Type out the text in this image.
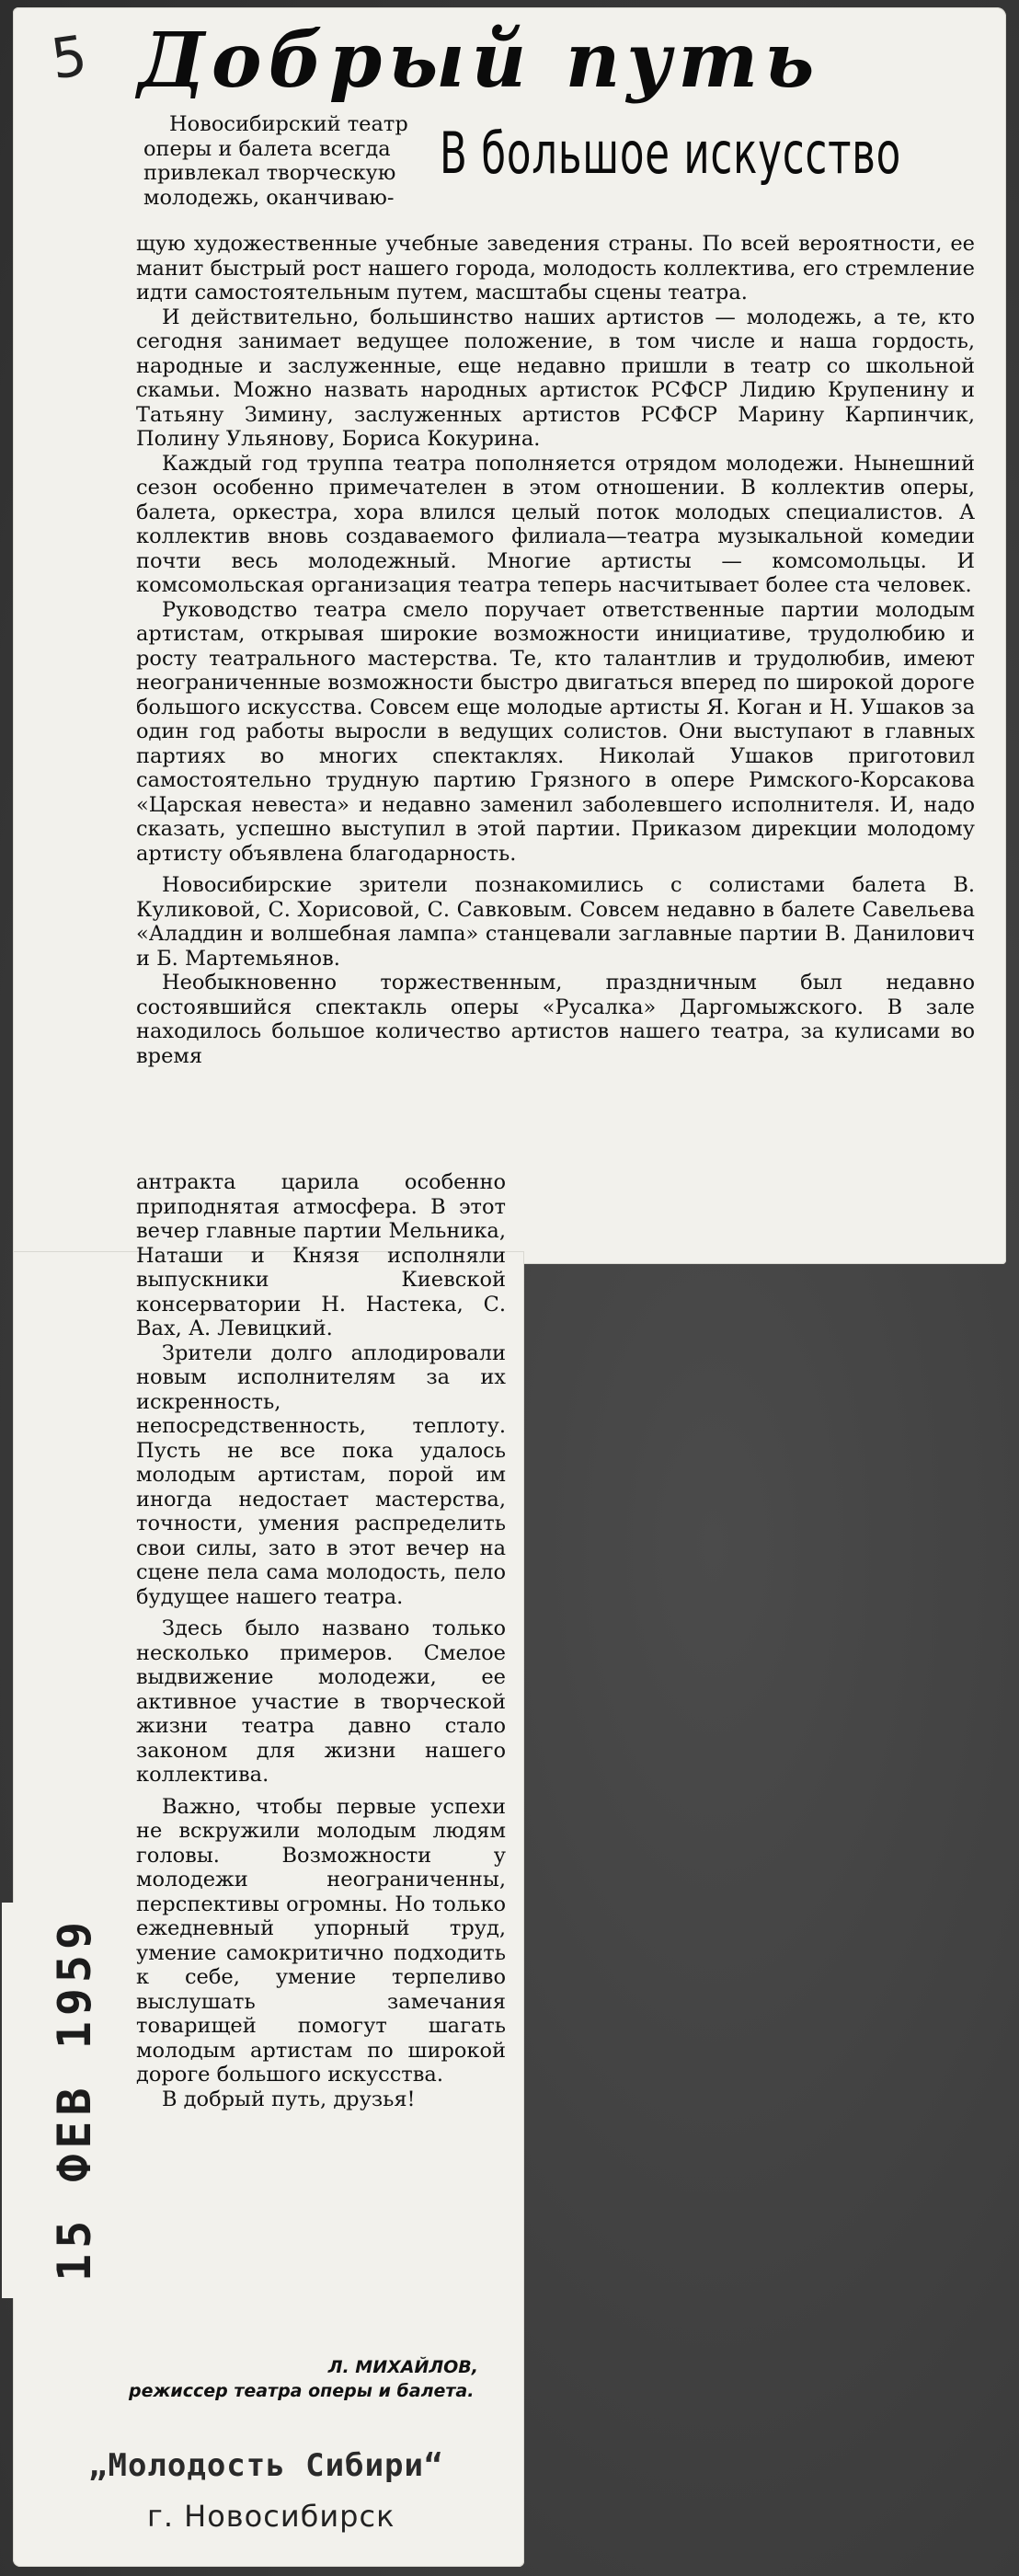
5 Добрый путь
В большое искусство

Новосибирский театр
оперы и балета всегда
привлекал творческую
молодежь, оканчиваю-

щую художественные учебные заведения страны. По всей вероятности, ее манит быстрый рост нашего города, молодость коллектива, его стремление идти самостоятельным путем, масштабы сцены театра.

И действительно, большинство наших артистов — молодежь, а те, кто сегодня занимает ведущее положение, в том числе и наша гордость, народные и заслуженные, еще недавно пришли в театр со школьной скамьи. Можно назвать народных артисток РСФСР Лидию Крупенину и Татьяну Зимину, заслуженных артистов РСФСР Марину Карпинчик, Полину Ульянову, Бориса Кокурина.

Каждый год труппа театра пополняется отрядом молодежи. Нынешний сезон особенно примечателен в этом отношении. В коллектив оперы, балета, оркестра, хора влился целый поток молодых специалистов. А коллектив вновь создаваемого филиала—театра музыкальной комедии почти весь молодежный. Многие артисты — комсомольцы. И комсомольская организация театра теперь насчитывает более ста человек.

Руководство театра смело поручает ответственные партии молодым артистам, открывая широкие возможности инициативе, трудолюбию и росту театрального мастерства. Те, кто талантлив и трудолюбив, имеют неограниченные возможности быстро двигаться вперед по широкой дороге большого искусства. Совсем еще молодые артисты Я. Коган и Н. Ушаков за один год работы выросли в ведущих солистов. Они выступают в главных партиях во многих спектаклях. Николай Ушаков приготовил самостоятельно трудную партию Грязного в опере Римского-Корсакова «Царская невеста» и недавно заменил заболевшего исполнителя. И, надо сказать, успешно выступил в этой партии. Приказом дирекции молодому артисту объявлена благодарность.

Новосибирские зрители познакомились с солистами балета В. Куликовой, С. Хорисовой, С. Савковым. Совсем недавно в балете Савельева «Аладдин и волшебная лампа» станцевали заглавные партии В. Данилович и Б. Мартемьянов.

Необыкновенно торжественным, праздничным был недавно состоявшийся спектакль оперы «Русалка» Даргомыжского. В зале находилось большое количество артистов нашего театра, за кулисами во время

антракта царила особенно приподнятая атмосфера. В этот вечер главные партии Мельника, Наташи и Князя исполняли выпускники Киевской консерватории Н. Настека, С. Вах, А. Левицкий.

Зрители долго аплодировали новым исполнителям за их искренность, непосредственность, теплоту. Пусть не все пока удалось молодым артистам, порой им иногда недостает мастерства, точности, умения распределить свои силы, зато в этот вечер на сцене пела сама молодость, пело будущее нашего театра.

Здесь было названо только несколько примеров. Смелое выдвижение молодежи, ее активное участие в творческой жизни театра давно стало законом для жизни нашего коллектива.

Важно, чтобы первые успехи не вскружили молодым людям головы. Возможности у молодежи неограниченны, перспективы огромны. Но только ежедневный упорный труд, умение самокритично подходить к себе, умение терпеливо выслушать замечания товарищей помогут шагать молодым артистам по широкой дороге большого искусства.

В добрый путь, друзья!

Л. МИХАЙЛОВ,
режиссер театра оперы и балета.
„Молодость Сибири“
г. Новосибирск
15 ФЕВ 1959
